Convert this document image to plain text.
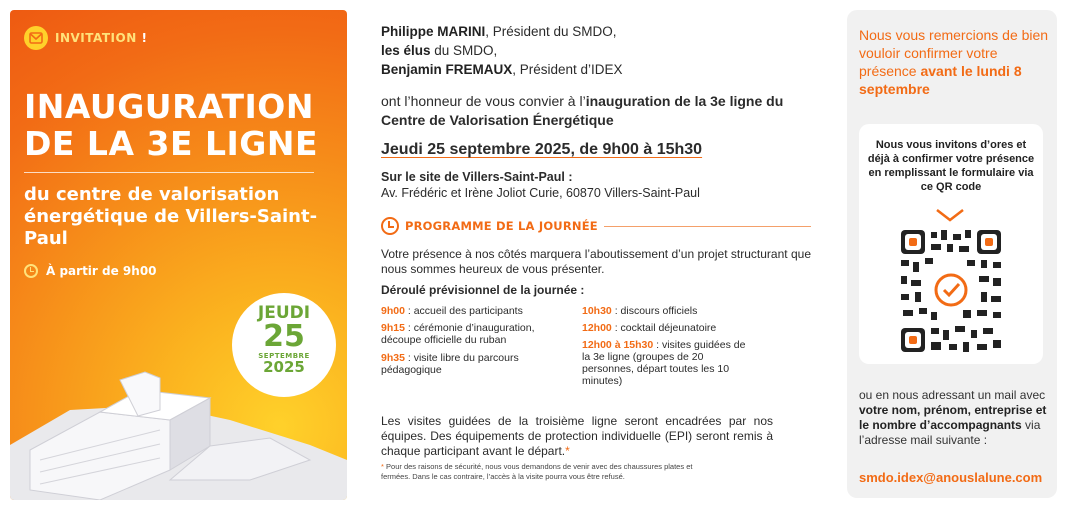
INVITATION !
INAUGURATION
DE LA 3E LIGNE
du centre de valorisation énergétique de Villers-Saint-Paul
À partir de 9h00
JEUDI
25
SEPTEMBRE
2025
Philippe MARINI, Président du SMDO,
les élus du SMDO,
Benjamin FREMAUX, Président d’IDEX
ont l’honneur de vous convier à l’inauguration de la 3e ligne du Centre de Valorisation Énergétique
Jeudi 25 septembre 2025, de 9h00 à 15h30
Sur le site de Villers-Saint-Paul :
Av. Frédéric et Irène Joliot Curie, 60870 Villers-Saint-Paul
PROGRAMME DE LA JOURNÉE
Votre présence à nos côtés marquera l’aboutissement d’un projet structurant que nous sommes heureux de vous présenter.
Déroulé prévisionnel de la journée :
9h00 : accueil des participants
9h15 : cérémonie d’inauguration, découpe officielle du ruban
9h35 : visite libre du parcours pédagogique
10h30 : discours officiels
12h00 : cocktail déjeunatoire
12h00 à 15h30 : visites guidées de la 3e ligne (groupes de 20 personnes, départ toutes les 10 minutes)
Les visites guidées de la troisième ligne seront encadrées par nos équipes. Des équipements de protection individuelle (EPI) seront remis à chaque participant avant le départ.*
* Pour des raisons de sécurité, nous vous demandons de venir avec des chaussures plates et fermées. Dans le cas contraire, l’accès à la visite pourra vous être refusé.
Nous vous remercions de bien vouloir confirmer votre présence avant le lundi 8 septembre
Nous vous invitons d’ores et déjà à confirmer votre présence en remplissant le formulaire via ce QR code
ou en nous adressant un mail avec votre nom, prénom, entreprise et le nombre d’accompagnants via l’adresse mail suivante :
smdo.idex@anouslalune.com
